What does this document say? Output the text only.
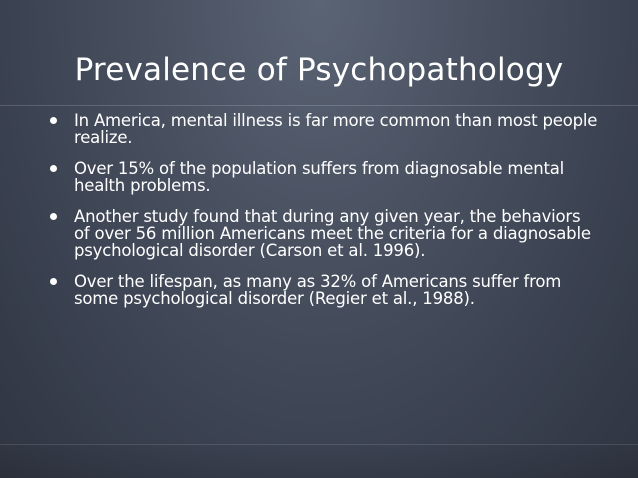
Prevalence of Psychopathology
In America, mental illness is far more common than most people realize.
Over 15% of the population suffers from diagnosable mental health problems.
Another study found that during any given year, the behaviors of over 56 million Americans meet the criteria for a diagnosable psychological disorder (Carson et al. 1996).
Over the lifespan, as many as 32% of Americans suffer from some psychological disorder (Regier et al., 1988).
